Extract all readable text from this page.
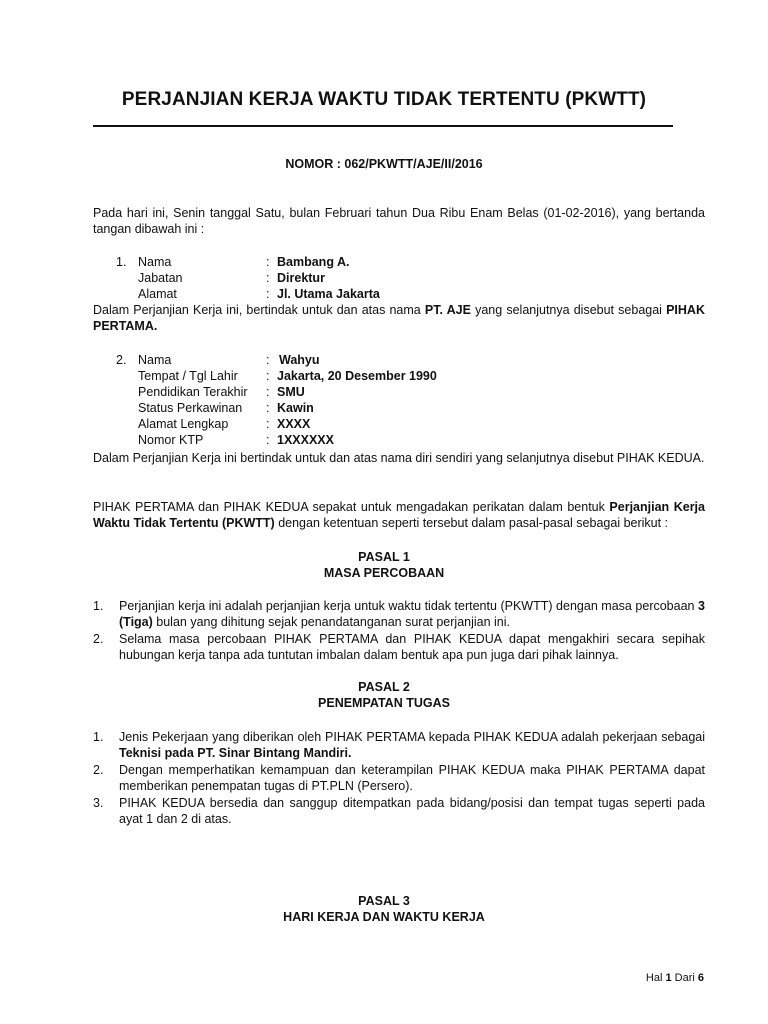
PERJANJIAN KERJA WAKTU TIDAK TERTENTU (PKWTT)
NOMOR : 062/PKWTT/AJE/II/2016
Pada hari ini, Senin tanggal Satu, bulan Februari tahun Dua Ribu Enam Belas (01-02-2016), yang bertanda tangan dibawah ini :
1. Nama	: Bambang A.
Jabatan	: Direktur
Alamat	: Jl. Utama Jakarta
Dalam Perjanjian Kerja ini, bertindak untuk dan atas nama PT. AJE yang selanjutnya disebut sebagai PIHAK PERTAMA.
2. Nama	: Wahyu
Tempat / Tgl Lahir : Jakarta, 20 Desember 1990
Pendidikan Terakhir : SMU
Status Perkawinan : Kawin
Alamat Lengkap	: XXXX
Nomor KTP	: 1XXXXXX
Dalam Perjanjian Kerja ini bertindak untuk dan atas nama diri sendiri yang selanjutnya disebut PIHAK KEDUA.
PIHAK PERTAMA dan PIHAK KEDUA sepakat untuk mengadakan perikatan dalam bentuk Perjanjian Kerja Waktu Tidak Tertentu (PKWTT) dengan ketentuan seperti tersebut dalam pasal-pasal sebagai berikut :
PASAL 1
MASA PERCOBAAN
1. Perjanjian kerja ini adalah perjanjian kerja untuk waktu tidak tertentu (PKWTT) dengan masa percobaan 3 (Tiga) bulan yang dihitung sejak penandatanganan surat perjanjian ini.
2. Selama masa percobaan PIHAK PERTAMA dan PIHAK KEDUA dapat mengakhiri secara sepihak hubungan kerja tanpa ada tuntutan imbalan dalam bentuk apa pun juga dari pihak lainnya.
PASAL 2
PENEMPATAN TUGAS
1. Jenis Pekerjaan yang diberikan oleh PIHAK PERTAMA kepada PIHAK KEDUA adalah pekerjaan sebagai Teknisi pada PT. Sinar Bintang Mandiri.
2. Dengan memperhatikan kemampuan dan keterampilan PIHAK KEDUA maka PIHAK PERTAMA dapat memberikan penempatan tugas di PT.PLN (Persero).
3. PIHAK KEDUA bersedia dan sanggup ditempatkan pada bidang/posisi dan tempat tugas seperti pada ayat 1 dan 2 di atas.
PASAL 3
HARI KERJA DAN WAKTU KERJA
Hal 1 Dari 6
